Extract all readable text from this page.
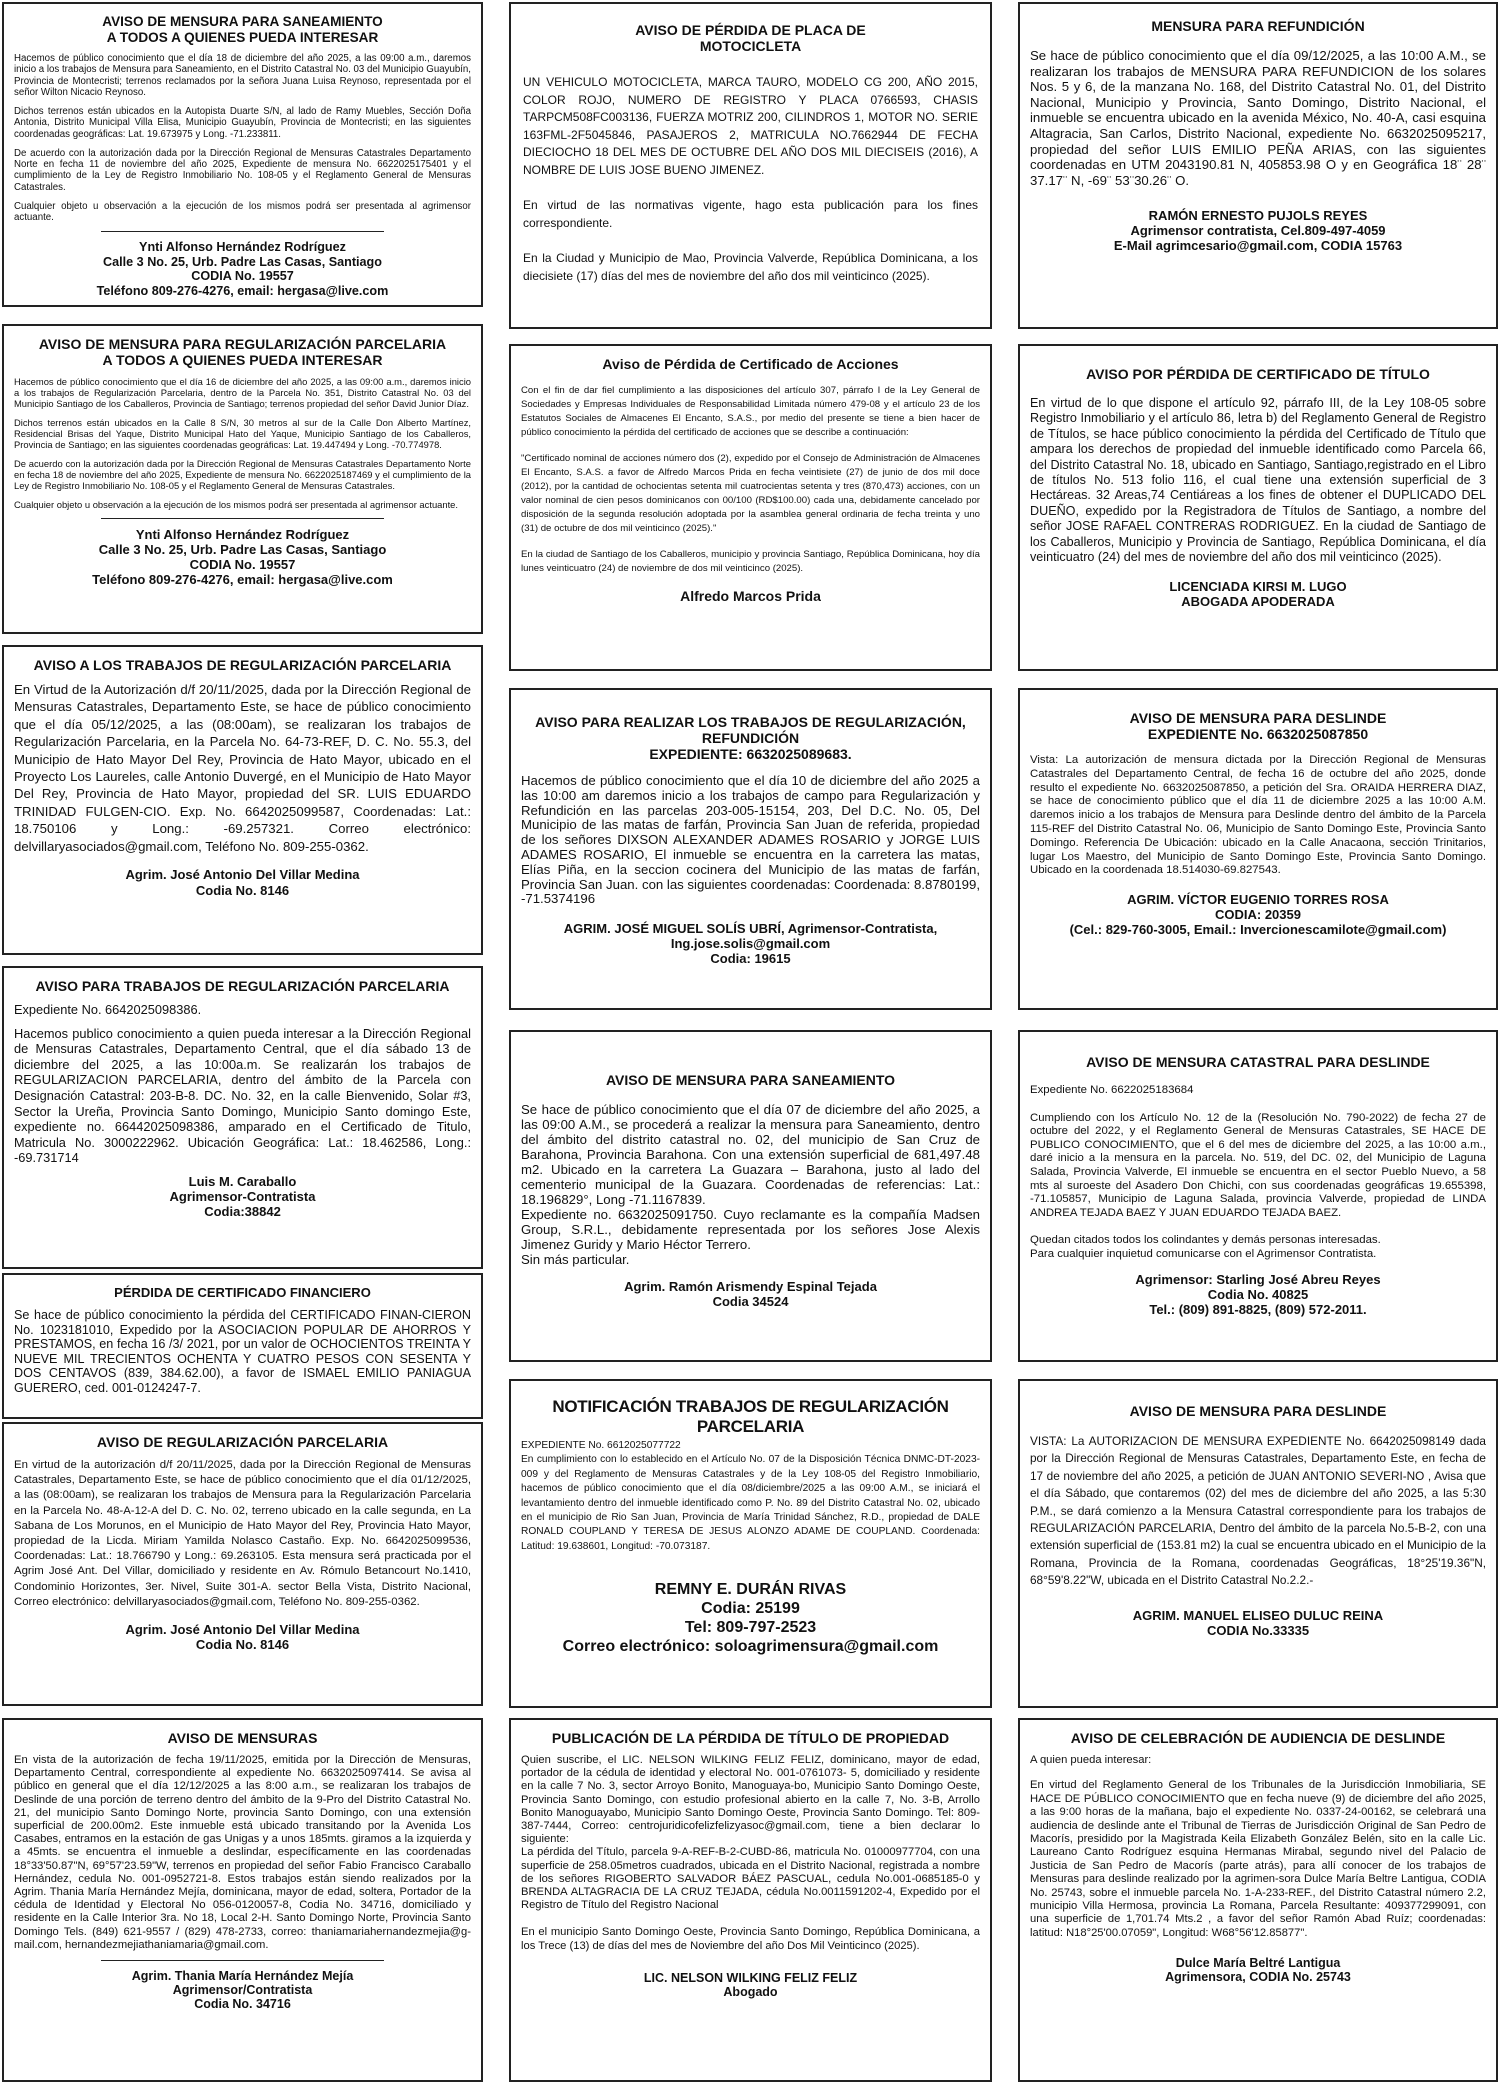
AVISO DE MENSURA PARA SANEAMIENTO
A TODOS A QUIENES PUEDA INTERESAR

Hacemos de público conocimiento que el día 18 de diciembre del año 2025, a las 09:00 a.m., daremos inicio a los trabajos de Mensura para Saneamiento, en el Distrito Catastral No. 03 del Municipio Guayubín, Provincia de Montecristi; terrenos reclamados por la señora Juana Luisa Reynoso, representada por el señor Wilton Nicacio Reynoso.

Dichos terrenos están ubicados en la Autopista Duarte S/N, al lado de Ramy Muebles, Sección Doña Antonia, Distrito Municipal Villa Elisa, Municipio Guayubín, Provincia de Montecristi; en las siguientes coordenadas geográficas: Lat. 19.673975 y Long. -71.233811.

De acuerdo con la autorización dada por la Dirección Regional de Mensuras Catastrales Departamento Norte en fecha 11 de noviembre del año 2025, Expediente de mensura No. 6622025175401 y el cumplimiento de la Ley de Registro Inmobiliario No. 108-05 y el Reglamento General de Mensuras Catastrales.

Cualquier objeto u observación a la ejecución de los mismos podrá ser presentada al agrimensor actuante.

Ynti Alfonso Hernández Rodríguez
Calle 3 No. 25, Urb. Padre Las Casas, Santiago
CODIA No. 19557
Teléfono 809-276-4276, email: hergasa@live.com
AVISO DE MENSURA PARA REGULARIZACIÓN PARCELARIA
A TODOS A QUIENES PUEDA INTERESAR

Hacemos de público conocimiento que el día 16 de diciembre del año 2025, a las 09:00 a.m., daremos inicio a los trabajos de Regularización Parcelaria, dentro de la Parcela No. 351, Distrito Catastral No. 03 del Municipio Santiago de los Caballeros, Provincia de Santiago; terrenos propiedad del señor David Junior Díaz.

Dichos terrenos están ubicados en la Calle 8 S/N, 30 metros al sur de la Calle Don Alberto Martínez, Residencial Brisas del Yaque, Distrito Municipal Hato del Yaque, Municipio Santiago de los Caballeros, Provincia de Santiago; en las siguientes coordenadas geográficas: Lat. 19.447494 y Long. -70.774978.

De acuerdo con la autorización dada por la Dirección Regional de Mensuras Catastrales Departamento Norte en fecha 18 de noviembre del año 2025, Expediente de mensura No. 6622025187469 y el cumplimiento de la Ley de Registro Inmobiliario No. 108-05 y el Reglamento General de Mensuras Catastrales.

Cualquier objeto u observación a la ejecución de los mismos podrá ser presentada al agrimensor actuante.

Ynti Alfonso Hernández Rodríguez
Calle 3 No. 25, Urb. Padre Las Casas, Santiago
CODIA No. 19557
Teléfono 809-276-4276, email: hergasa@live.com
AVISO A LOS TRABAJOS DE REGULARIZACIÓN PARCELARIA

En Virtud de la Autorización d/f 20/11/2025, dada por la Dirección Regional de Mensuras Catastrales, Departamento Este, se hace de público conocimiento que el día 05/12/2025, a las (08:00am), se realizaran los trabajos de Regularización Parcelaria, en la Parcela No. 64-73-REF, D. C. No. 55.3, del Municipio de Hato Mayor Del Rey, Provincia de Hato Mayor, ubicado en el Proyecto Los Laureles, calle Antonio Duvergé, en el Municipio de Hato Mayor Del Rey, Provincia de Hato Mayor, propiedad del SR. LUIS EDUARDO TRINIDAD FULGEN-CIO. Exp. No. 6642025099587, Coordenadas: Lat.: 18.750106 y Long.: -69.257321. Correo electrónico: delvillaryasociados@gmail.com, Teléfono No. 809-255-0362.

Agrim. José Antonio Del Villar Medina
Codia No. 8146
AVISO PARA TRABAJOS DE REGULARIZACIÓN PARCELARIA

Expediente No. 6642025098386.

Hacemos publico conocimiento a quien pueda interesar a la Dirección Regional de Mensuras Catastrales, Departamento Central, que el día sábado 13 de diciembre del 2025, a las 10:00a.m. Se realizarán los trabajos de REGULARIZACION PARCELARIA, dentro del ámbito de la Parcela con Designación Catastral: 203-B-8. DC. No. 32, en la calle Bienvenido, Solar #3, Sector la Ureña, Provincia Santo Domingo, Municipio Santo domingo Este, expediente no. 6644202509838​6, amparado en el Certificado de Titulo, Matricula No. 3000222962. Ubicación Geográfica: Lat.: 18.462586, Long.: -69.731714

Luis M. Caraballo
Agrimensor-Contratista
Codia:38842
PÉRDIDA DE CERTIFICADO FINANCIERO

Se hace de público conocimiento la pérdida del CERTIFICADO FINAN-CIERON No. 1023181010, Expedido por la ASOCIACION POPULAR DE AHORROS Y PRESTAMOS, en fecha 16 /3/ 2021, por un valor de OCHOCIENTOS TREINTA Y NUEVE MIL TRECIENTOS OCHENTA Y CUATRO PESOS CON SESENTA Y DOS CENTAVOS (839, 384.62.00), a favor de ISMAEL EMILIO PANIAGUA GUERERO, ced. 001-0124247-7.

AVISO DE REGULARIZACIÓN PARCELARIA

En virtud de la autorización d/f 20/11/2025, dada por la Dirección Regional de Mensuras Catastrales, Departamento Este, se hace de público conocimiento que el día 01/12/2025, a las (08:00am), se realizaran los trabajos de Mensura para la Regularización Parcelaria en la Parcela No. 48-A-12-A del D. C. No. 02, terreno ubicado en la calle segunda, en La Sabana de Los Morunos, en el Municipio de Hato Mayor del Rey, Provincia Hato Mayor, propiedad de la Licda. Miriam Yamilda Nolasco Castaño. Exp. No. 6642025099536, Coordenadas: Lat.: 18.766790 y Long.: 69.263105. Esta mensura será practicada por el Agrim José Ant. Del Villar, domiciliado y residente en Av. Rómulo Betancourt No.1410, Condominio Horizontes, 3er. Nivel, Suite 301-A. sector Bella Vista, Distrito Nacional, Correo electrónico: delvillaryasociados@gmail.com, Teléfono No. 809-255-0362.

Agrim. José Antonio Del Villar Medina
Codia No. 8146
AVISO DE MENSURAS

En vista de la autorización de fecha 19/11/2025, emitida por la Dirección de Mensuras, Departamento Central, correspondiente al expediente No. 6632025097414. Se avisa al público en general que el día 12/12/2025 a las 8:00 a.m., se realizaran los trabajos de Deslinde de una porción de terreno dentro del ámbito de la 9-Pro del Distrito Catastral No. 21, del municipio Santo Domingo Norte, provincia Santo Domingo, con una extensión superficial de 200.00m2. Este inmueble está ubicado transitando por la Avenida Los Casabes, entramos en la estación de gas Unigas y a unos 185mts. giramos a la izquierda y a 45mts. se encuentra el inmueble a deslindar, específicamente en las coordenadas 18°33'50.87"N, 69°57'23.59"W, terrenos en propiedad del señor Fabio Francisco Caraballo Hernández, cedula No. 001-0952721-8. Estos trabajos están siendo realizados por la Agrim. Thania María Hernández Mejía, dominicana, mayor de edad, soltera, Portador de la cédula de Identidad y Electoral No 056-0120057-8, Codia No. 34716, domiciliado y residente en la Calle Interior 3ra. No 18, Local 2-H. Santo Domingo Norte, Provincia Santo Domingo Tels. (849) 621-9557 / (829) 478-2733, correo: thaniamariahernandezmejia@g-mail.com, hernandezmejiathaniamaria@gmail.com.

Agrim. Thania María Hernández Mejía
Agrimensor/Contratista
Codia No. 34716
AVISO DE PÉRDIDA DE PLACA DE
MOTOCICLETA

UN VEHICULO MOTOCICLETA, MARCA TAURO, MODELO CG 200, AÑO 2015, COLOR ROJO, NUMERO DE REGISTRO Y PLACA 0766593, CHASIS TARPCM508FC003136, FUERZA MOTRIZ 200, CILINDROS 1, MOTOR NO. SERIE 163FML-2F5045846, PASAJEROS 2, MATRICULA NO.7662944 DE FECHA DIECIOCHO 18 DEL MES DE OCTUBRE DEL AÑO DOS MIL DIECISEIS (2016), A NOMBRE DE LUIS JOSE BUENO JIMENEZ.

En virtud de las normativas vigente, hago esta publicación para los fines correspondiente.

En la Ciudad y Municipio de Mao, Provincia Valverde, República Dominicana, a los diecisiete (17) días del mes de noviembre del año dos mil veinticinco (2025).

Aviso de Pérdida de Certificado de Acciones

Con el fin de dar fiel cumplimiento a las disposiciones del artículo 307, párrafo I de la Ley General de Sociedades y Empresas Individuales de Responsabilidad Limitada número 479-08 y el artículo 23 de los Estatutos Sociales de Almacenes El Encanto, S.A.S., por medio del presente se tiene a bien hacer de público conocimiento la pérdida del certificado de acciones que se describe a continuación:

"Certificado nominal de acciones número dos (2), expedido por el Consejo de Administración de Almacenes El Encanto, S.A.S. a favor de Alfredo Marcos Prida en fecha veintisiete (27) de junio de dos mil doce (2012), por la cantidad de ochocientas setenta mil cuatrocientas setenta y tres (870,473) acciones, con un valor nominal de cien pesos dominicanos con 00/100 (RD$100.00) cada una, debidamente cancelado por disposición de la segunda resolución adoptada por la asamblea general ordinaria de fecha treinta y uno (31) de octubre de dos mil veinticinco (2025)."

En la ciudad de Santiago de los Caballeros, municipio y provincia Santiago, República Dominicana, hoy día lunes veinticuatro (24) de noviembre de dos mil veinticinco (2025).

Alfredo Marcos Prida
AVISO PARA REALIZAR LOS TRABAJOS DE REGULARIZACIÓN,
REFUNDICIÓN
EXPEDIENTE: 6632025089683.

Hacemos de público conocimiento que el día 10 de diciembre del año 2025 a las 10:00 am daremos inicio a los trabajos de campo para Regularización y Refundición en las parcelas 203-005-15154, 203, Del D.C. No. 05, Del Municipio de las matas de farfán, Provincia San Juan de referida, propiedad de los señores DIXSON ALEXANDER ADAMES ROSARIO y JORGE LUIS ADAMES ROSARIO, El inmueble se encuentra en la carretera las matas, Elías Piña, en la seccion cocinera del Municipio de las matas de farfán, Provincia San Juan. con las siguientes coordenadas: Coordenada: 8.8780199, -71.5374196

AGRIM. JOSÉ MIGUEL SOLÍS UBRÍ, Agrimensor-Contratista,
Ing.jose.solis@gmail.com
Codia: 19615
AVISO DE MENSURA PARA SANEAMIENTO

Se hace de público conocimiento que el día 07 de diciembre del año 2025, a las 09:00 A.M., se procederá a realizar la mensura para Saneamiento, dentro del ámbito del distrito catastral no. 02, del municipio de San Cruz de Barahona, Provincia Barahona. Con una extensión superficial de 681,497.48 m2. Ubicado en la carretera La Guazara – Barahona, justo al lado del cementerio municipal de la Guazara. Coordenadas de referencias: Lat.: 18.196829°, Long -71.1167839.
Expediente no. 6632025091750. Cuyo reclamante es la compañía Madsen Group, S.R.L., debidamente representada por los señores Jose Alexis Jimenez Guridy y Mario Héctor Terrero.
Sin más particular.

Agrim. Ramón Arismendy Espinal Tejada
Codia 34524
NOTIFICACIÓN TRABAJOS DE REGULARIZACIÓN PARCELARIA

EXPEDIENTE No. 6612025077722

En cumplimiento con lo establecido en el Artículo No. 07 de la Disposición Técnica DNMC-DT-2023-009 y del Reglamento de Mensuras Catastrales y de la Ley 108-05 del Registro Inmobiliario, hacemos de público conocimiento que el día 08/diciembre/2025 a las 09:00 A.M., se iniciará el levantamiento dentro del inmueble identificado como P. No. 89 del Distrito Catastral No. 02, ubicado en el municipio de Rio San Juan, Provincia de María Trinidad Sánchez, R.D., propiedad de DALE RONALD COUPLAND Y TERESA DE JESUS ALONZO ADAME DE COUPLAND. Coordenada: Latitud: 19.638601, Longitud: -70.073187.

REMNY E. DURÁN RIVAS
Codia: 25199
Tel: 809-797-2523
Correo electrónico: soloagrimensura@gmail.com
PUBLICACIÓN DE LA PÉRDIDA DE TÍTULO DE PROPIEDAD

Quien suscribe, el LIC. NELSON WILKING FELIZ FELIZ, dominicano, mayor de edad, portador de la cédula de identidad y electoral No. 001-0761073- 5, domiciliado y residente en la calle 7 No. 3, sector Arroyo Bonito, Manoguaya-bo, Municipio Santo Domingo Oeste, Provincia Santo Domingo, con estudio profesional abierto en la calle 7, No. 3-B, Arrollo Bonito Manoguayabo, Municipio Santo Domingo Oeste, Provincia Santo Domingo. Tel: 809-387-7444, Correo: centrojuridicofelizfelizyasoc@gmail.com, tiene a bien declarar lo siguiente:
La pérdida del Título, parcela 9-A-REF-B-2-CUBD-86, matricula No. 01000977704, con una superficie de 258.05metros cuadrados, ubicada en el Distrito Nacional, registrada a nombre de los señores RIGOBERTO SALVADOR BÁEZ PASCUAL, cedula No.001-0685185-0 y BRENDA ALTAGRACIA DE LA CRUZ TEJADA, cédula No.0011591202-4, Expedido por el Registro de Título del Registro Nacional

En el municipio Santo Domingo Oeste, Provincia Santo Domingo, República Dominicana, a los Trece (13) de días del mes de Noviembre del año Dos Mil Veinticinco (2025).

LIC. NELSON WILKING FELIZ FELIZ
Abogado
MENSURA PARA REFUNDICIÓN

Se hace de público conocimiento que el día 09/12/2025, a las 10:00 A.M., se realizaran los trabajos de MENSURA PARA REFUNDICION de los solares Nos. 5 y 6, de la manzana No. 168, del Distrito Catastral No. 01, del Distrito Nacional, Municipio y Provincia, Santo Domingo, Distrito Nacional, el inmueble se encuentra ubicado en la avenida México, No. 40-A, casi esquina Altagracia, San Carlos, Distrito Nacional, expediente No. 6632025095217, propiedad del señor LUIS EMILIO PEÑA ARIAS, con las siguientes coordenadas en UTM 2043190.81 N, 405853.98 O y en Geográfica 18¨ 28¨ 37.17¨ N, -69¨ 53¨30.26¨ O.

RAMÓN ERNESTO PUJOLS REYES
Agrimensor contratista, Cel.809-497-4059
E-Mail agrimcesario@gmail.com, CODIA 15763
AVISO POR PÉRDIDA DE CERTIFICADO DE TÍTULO

En virtud de lo que dispone el artículo 92, párrafo III, de la Ley 108-05 sobre Registro Inmobiliario y el artículo 86, letra b) del Reglamento General de Registro de Títulos, se hace público conocimiento la pérdida del Certificado de Título que ampara los derechos de propiedad del inmueble identificado como Parcela 66, del Distrito Catastral No. 18, ubicado en Santiago, Santiago,registrado en el Libro de títulos No. 513 folio 116, el cual tiene una extensión superficial de 3 Hectáreas. 32 Areas,74 Centiáreas a los fines de obtener el DUPLICADO DEL DUEÑO, expedido por la Registradora de Títulos de Santiago, a nombre del señor JOSE RAFAEL CONTRERAS RODRIGUEZ. En la ciudad de Santiago de los Caballeros, Municipio y Provincia de Santiago, República Dominicana, el día veinticuatro (24) del mes de noviembre del año dos mil veinticinco (2025).

LICENCIADA KIRSI M. LUGO
ABOGADA APODERADA
AVISO DE MENSURA PARA DESLINDE
EXPEDIENTE No. 6632025087850

Vista: La autorización de mensura dictada por la Dirección Regional de Mensuras Catastrales del Departamento Central, de fecha 16 de octubre del año 2025, donde resulto el expediente No. 6632025087850, a petición del Sra. ORAIDA HERRERA DIAZ, se hace de conocimiento público que el día 11 de diciembre 2025 a las 10:00 A.M. daremos inicio a los trabajos de Mensura para Deslinde dentro del ámbito de la Parcela 115-REF del Distrito Catastral No. 06, Municipio de Santo Domingo Este, Provincia Santo Domingo. Referencia De Ubicación: ubicado en la Calle Anacaona, sección Trinitarios, lugar Los Maestro, del Municipio de Santo Domingo Este, Provincia Santo Domingo. Ubicado en la coordenada 18.514030-69.827543.

AGRIM. VÍCTOR EUGENIO TORRES ROSA
CODIA: 20359
(Cel.: 829-760-3005, Email.: Invercionescamilote@gmail.com)
AVISO DE MENSURA CATASTRAL PARA DESLINDE

Expediente No. 6622025183684

Cumpliendo con los Artículo No. 12 de la (Resolución No. 790-2022) de fecha 27 de octubre del 2022, y el Reglamento General de Mensuras Catastrales, SE HACE DE PUBLICO CONOCIMIENTO, que el 6 del mes de diciembre del 2025, a las 10:00 a.m., daré inicio a la mensura en la parcela. No. 519, del DC. 02, del Municipio de Laguna Salada, Provincia Valverde, El inmueble se encuentra en el sector Pueblo Nuevo, a 58 mts al suroeste del Asadero Don Chichi, con sus coordenadas geográficas 19.655398, -71.105857, Municipio de Laguna Salada, provincia Valverde, propiedad de LINDA ANDREA TEJADA BAEZ Y JUAN EDUARDO TEJADA BAEZ.

Quedan citados todos los colindantes y demás personas interesadas.
Para cualquier inquietud comunicarse con el Agrimensor Contratista.

Agrimensor: Starling José Abreu Reyes
Codia No. 40825
Tel.: (809) 891-8825, (809) 572-2011.
AVISO DE MENSURA PARA DESLINDE

VISTA: La AUTORIZACION DE MENSURA EXPEDIENTE No. 6642025098149 dada por la Dirección Regional de Mensuras Catastrales, Departamento Este, en fecha de 17 de noviembre del año 2025, a petición de JUAN ANTONIO SEVERI-NO , Avisa que el día Sábado, que contaremos (02) del mes de diciembre del año 2025, a las 5:30 P.M., se dará comienzo a la Mensura Catastral correspondiente para los trabajos de REGULARIZACIÓN PARCELARIA, Dentro del ámbito de la parcela No.5-B-2, con una extensión superficial de (153.81 m2) la cual se encuentra ubicado en el Municipio de la Romana, Provincia de la Romana, coordenadas Geográficas, 18°25'19.36"N, 68°59'8.22"W, ubicada en el Distrito Catastral No.2.2.-

AGRIM. MANUEL ELISEO DULUC REINA
CODIA No.33335
AVISO DE CELEBRACIÓN DE AUDIENCIA DE DESLINDE

A quien pueda interesar:

En virtud del Reglamento General de los Tribunales de la Jurisdicción Inmobiliaria, SE HACE DE PÚBLICO CONOCIMIENTO que en fecha nueve (9) de diciembre del año 2025, a las 9:00 horas de la mañana, bajo el expediente No. 0337-24-00162, se celebrará una audiencia de deslinde ante el Tribunal de Tierras de Jurisdicción Original de San Pedro de Macorís, presidido por la Magistrada Keila Elizabeth González Belén, sito en la calle Lic. Laureano Canto Rodríguez esquina Hermanas Mirabal, segundo nivel del Palacio de Justicia de San Pedro de Macorís (parte atrás), para allí conocer de los trabajos de Mensuras para deslinde realizado por la agrimen-sora Dulce María Beltre Lantigua, CODIA No. 25743, sobre el inmueble parcela No. 1-A-233-REF., del Distrito Catastral número 2.2, municipio Villa Hermosa, provincia La Romana, Parcela Resultante: 409377299091, con una superficie de 1,701.74 Mts.2 , a favor del señor Ramón Abad Ruíz; coordenadas: latitud: N18°25'00.07059", Longitud: W68°56'12.85877".

Dulce María Beltré Lantigua
Agrimensora, CODIA No. 25743
